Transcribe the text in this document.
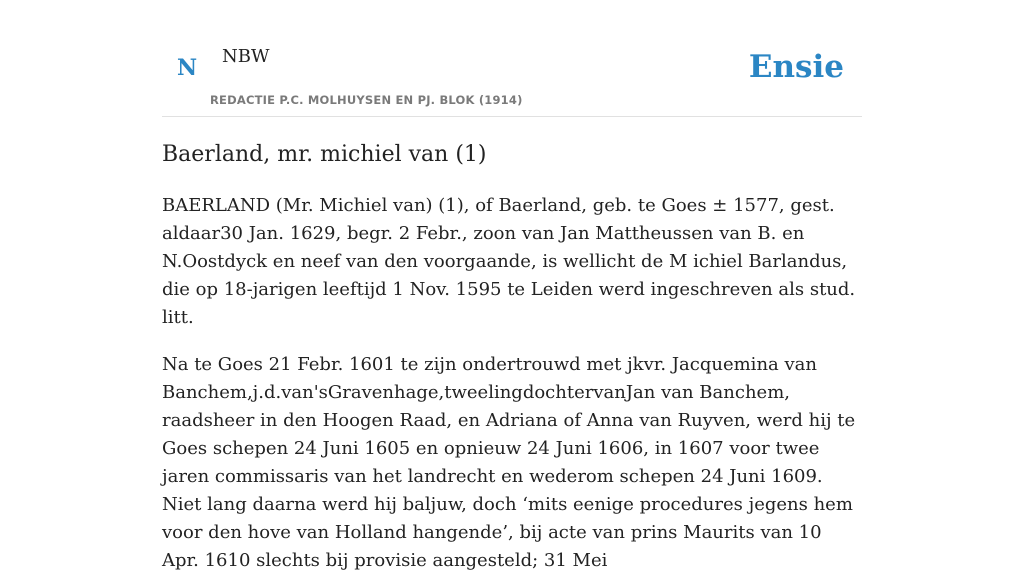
N NBW
REDACTIE P.C. MOLHUYSEN EN PJ. BLOK (1914)
Ensie
Baerland, mr. michiel van (1)

BAERLAND (Mr. Michiel van) (1), of Baerland, geb. te Goes ± 1577, gest. aldaar30 Jan. 1629, begr. 2 Febr., zoon van Jan Mattheussen van B. en N.Oostdyck en neef van den voorgaande, is wellicht de M ichiel Barlandus, die op 18-jarigen leeftijd 1 Nov. 1595 te Leiden werd ingeschreven als stud. litt.

Na te Goes 21 Febr. 1601 te zijn ondertrouwd met jkvr. Jacquemina van Banchem,j.d.van'sGravenhage,tweelingdochtervanJan van Banchem, raadsheer in den Hoogen Raad, en Adriana of Anna van Ruyven, werd hij te Goes schepen 24 Juni 1605 en opnieuw 24 Juni 1606, in 1607 voor twee jaren commissaris van het landrecht en wederom schepen 24 Juni 1609. Niet lang daarna werd hij baljuw, doch ‘mits eenige procedures jegens hem voor den hove van Holland hangende’, bij acte van prins Maurits van 10 Apr. 1610 slechts bij provisie aangesteld; 31 Mei
